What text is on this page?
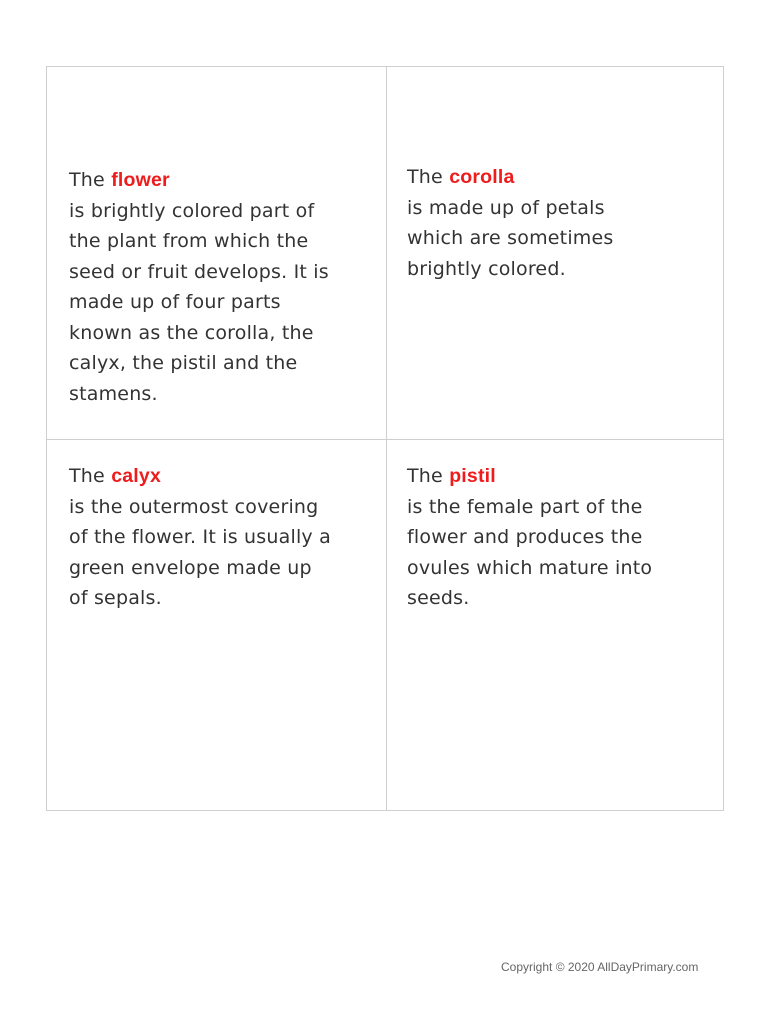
The flower
is brightly colored part of
the plant from which the
seed or fruit develops. It is
made up of four parts
known as the corolla, the
calyx, the pistil and the
stamens.
The corolla
is made up of petals
which are sometimes
brightly colored.
The calyx
is the outermost covering
of the flower. It is usually a
green envelope made up
of sepals.
The pistil
is the female part of the
flower and produces the
ovules which mature into
seeds.
Copyright © 2020 AllDayPrimary.com
